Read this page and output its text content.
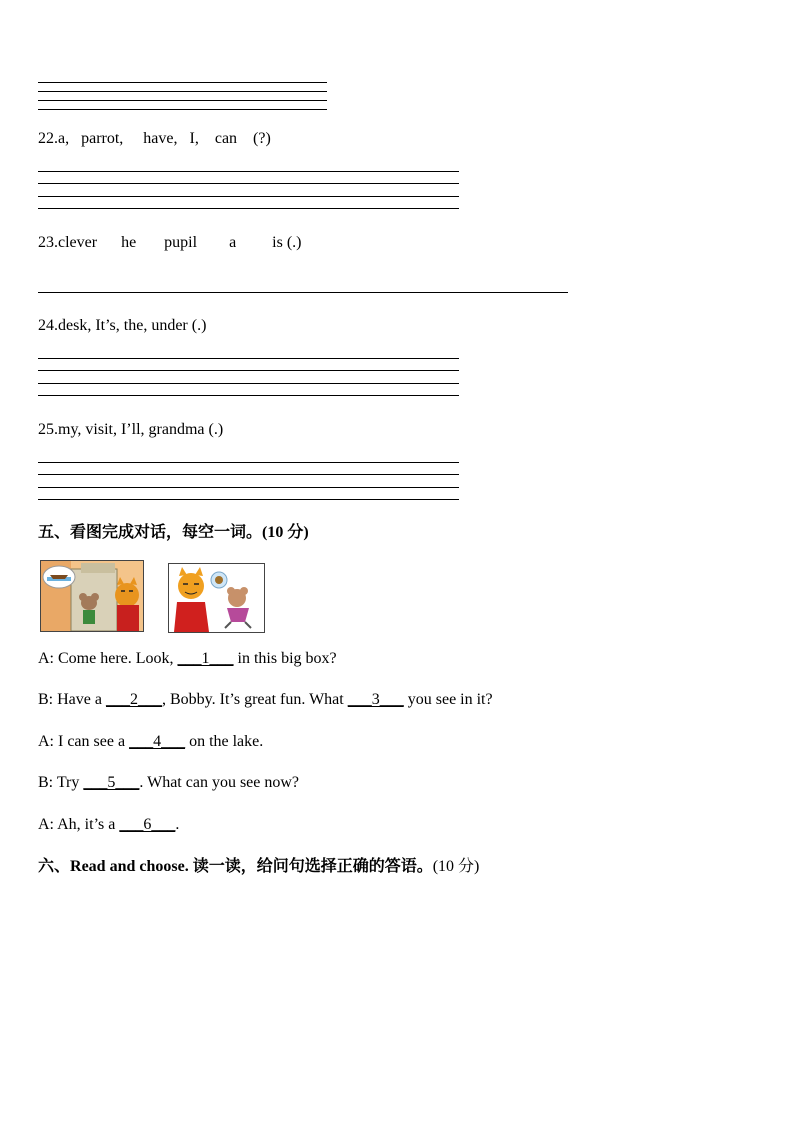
22.a,   parrot,     have,   I,    can    (?)
23.clever      he       pupil        a         is (.)
24.desk, It’s, the, under (.)
25.my, visit, I’ll, grandma (.)
五、看图完成对话，每空一词。(10 分)
A: Come here. Look, ___1___ in this big box?
B: Have a ___2___, Bobby. It’s great fun. What ___3___ you see in it?
A: I can see a ___4___ on the lake.
B: Try ___5___. What can you see now?
A: Ah, it’s a ___6___.
六、Read and choose. 读一读，给问句选择正确的答语。(10 分)
